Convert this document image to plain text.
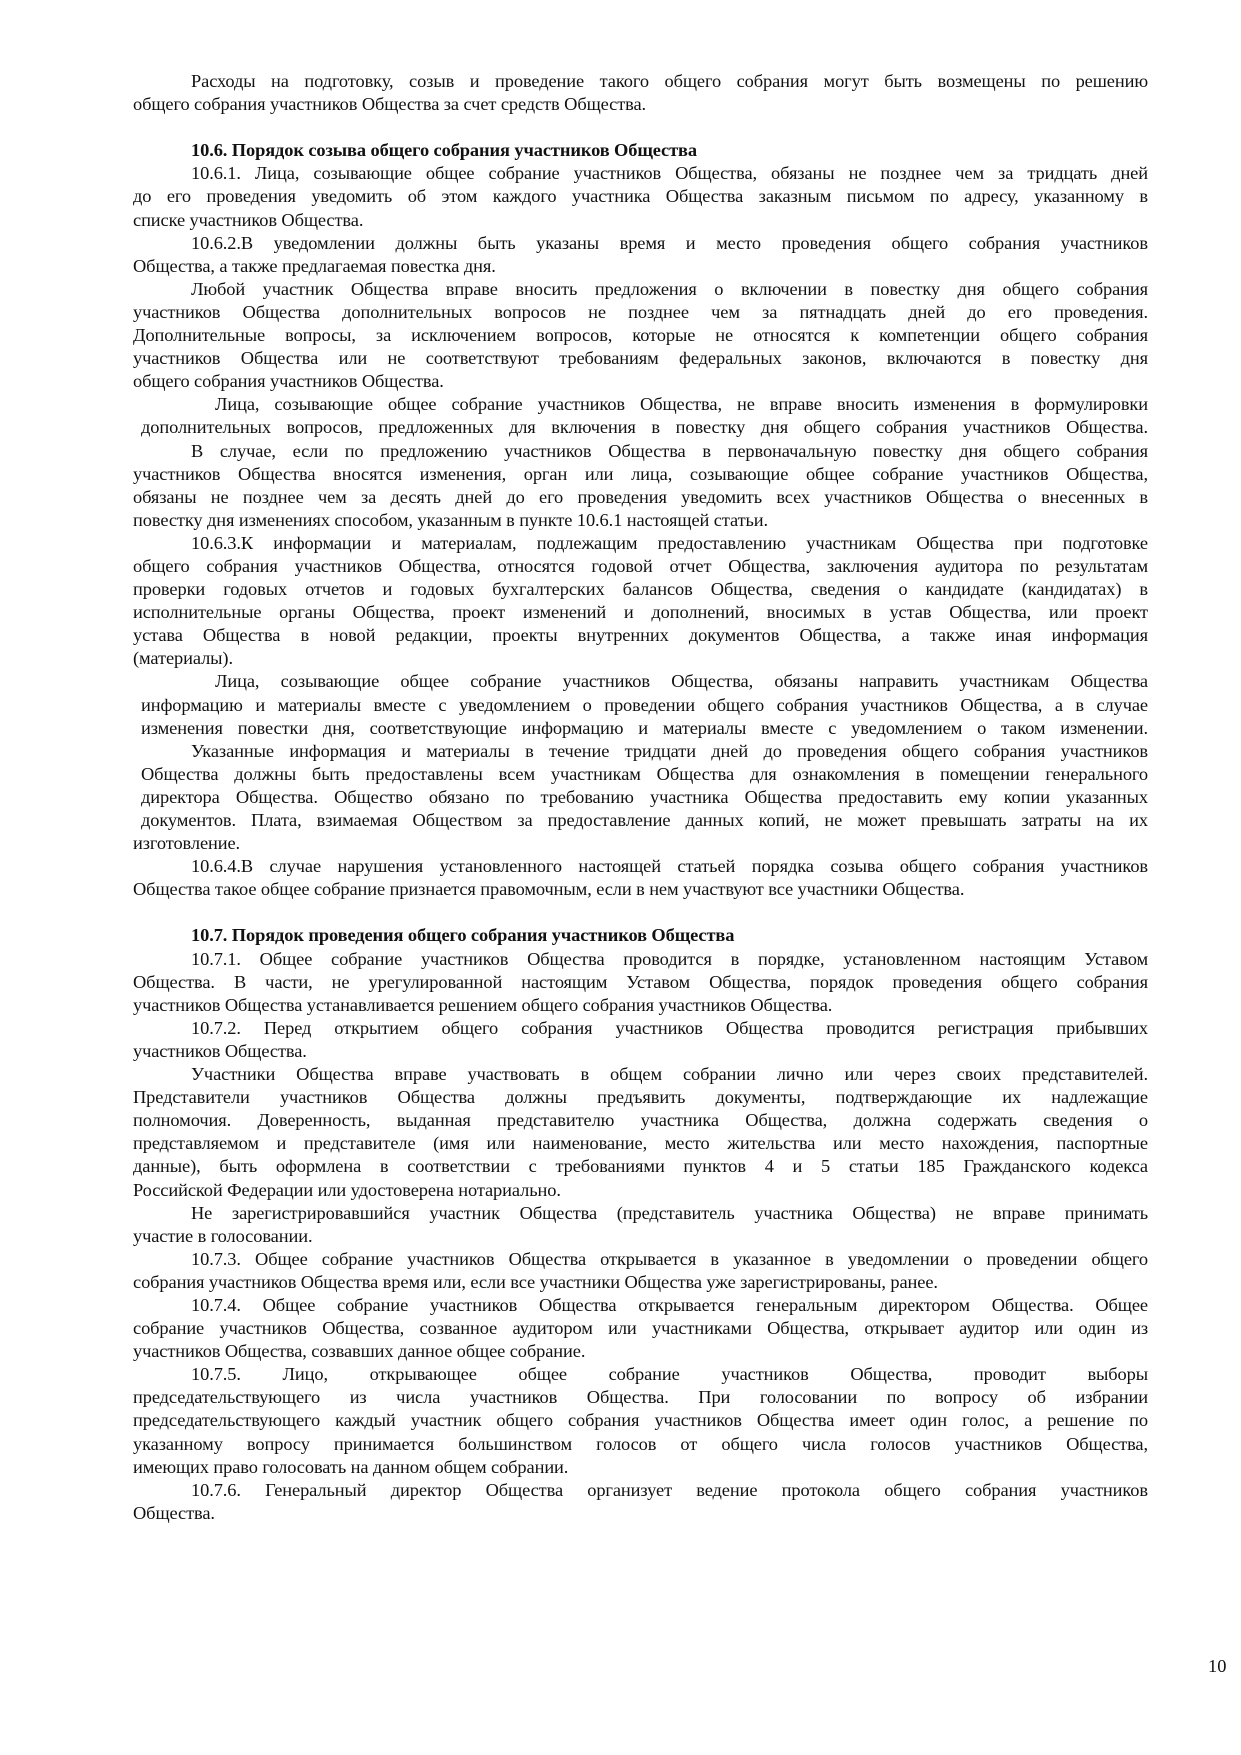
Расходы на подготовку, созыв и проведение такого общего собрания могут быть возмещены по решению
общего собрания участников Общества за счет средств Общества.
10.6. Порядок созыва общего собрания участников Общества
10.6.1. Лица, созывающие общее собрание участников Общества, обязаны не позднее чем за тридцать дней
до его проведения уведомить об этом каждого участника Общества заказным письмом по адресу, указанному в
списке участников Общества.
10.6.2.В уведомлении должны быть указаны время и место проведения общего собрания участников
Общества, а также предлагаемая повестка дня.
Любой участник Общества вправе вносить предложения о включении в повестку дня общего собрания
участников Общества дополнительных вопросов не позднее чем за пятнадцать дней до его проведения.
Дополнительные вопросы, за исключением вопросов, которые не относятся к компетенции общего собрания
участников Общества или не соответствуют требованиям федеральных законов, включаются в повестку дня
общего собрания участников Общества.
Лица, созывающие общее собрание участников Общества, не вправе вносить изменения в формулировки
дополнительных вопросов, предложенных для включения в повестку дня общего собрания участников Общества.
В случае, если по предложению участников Общества в первоначальную повестку дня общего собрания
участников Общества вносятся изменения, орган или лица, созывающие общее собрание участников Общества,
обязаны не позднее чем за десять дней до его проведения уведомить всех участников Общества о внесенных в
повестку дня изменениях способом, указанным в пункте 10.6.1 настоящей статьи.
10.6.3.К информации и материалам, подлежащим предоставлению участникам Общества при подготовке
общего собрания участников Общества, относятся годовой отчет Общества, заключения аудитора по результатам
проверки годовых отчетов и годовых бухгалтерских балансов Общества, сведения о кандидате (кандидатах) в
исполнительные органы Общества, проект изменений и дополнений, вносимых в устав Общества, или проект
устава Общества в новой редакции, проекты внутренних документов Общества, а также иная информация
(материалы).
Лица, созывающие общее собрание участников Общества, обязаны направить участникам Общества
информацию и материалы вместе с уведомлением о проведении общего собрания участников Общества, а в случае
изменения повестки дня, соответствующие информацию и материалы вместе с уведомлением о таком изменении.
Указанные информация и материалы в течение тридцати дней до проведения общего собрания участников
Общества должны быть предоставлены всем участникам Общества для ознакомления в помещении генерального
директора Общества. Общество обязано по требованию участника Общества предоставить ему копии указанных
документов. Плата, взимаемая Обществом за предоставление данных копий, не может превышать затраты на их
изготовление.
10.6.4.В случае нарушения установленного настоящей статьей порядка созыва общего собрания участников
Общества такое общее собрание признается правомочным, если в нем участвуют все участники Общества.
10.7. Порядок проведения общего собрания участников Общества
10.7.1. Общее собрание участников Общества проводится в порядке, установленном настоящим Уставом
Общества. В части, не урегулированной настоящим Уставом Общества, порядок проведения общего собрания
участников Общества устанавливается решением общего собрания участников Общества.
10.7.2. Перед открытием общего собрания участников Общества проводится регистрация прибывших
участников Общества.
Участники Общества вправе участвовать в общем собрании лично или через своих представителей.
Представители участников Общества должны предъявить документы, подтверждающие их надлежащие
полномочия. Доверенность, выданная представителю участника Общества, должна содержать сведения о
представляемом и представителе (имя или наименование, место жительства или место нахождения, паспортные
данные), быть оформлена в соответствии с требованиями пунктов 4 и 5 статьи 185 Гражданского кодекса
Российской Федерации или удостоверена нотариально.
Не зарегистрировавшийся участник Общества (представитель участника Общества) не вправе принимать
участие в голосовании.
10.7.3. Общее собрание участников Общества открывается в указанное в уведомлении о проведении общего
собрания участников Общества время или, если все участники Общества уже зарегистрированы, ранее.
10.7.4. Общее собрание участников Общества открывается генеральным директором Общества. Общее
собрание участников Общества, созванное аудитором или участниками Общества, открывает аудитор или один из
участников Общества, созвавших данное общее собрание.
10.7.5. Лицо, открывающее общее собрание участников Общества, проводит выборы
председательствующего из числа участников Общества. При голосовании по вопросу об избрании
председательствующего каждый участник общего собрания участников Общества имеет один голос, а решение по
указанному вопросу принимается большинством голосов от общего числа голосов участников Общества,
имеющих право голосовать на данном общем собрании.
10.7.6. Генеральный директор Общества организует ведение протокола общего собрания участников
Общества.
10
